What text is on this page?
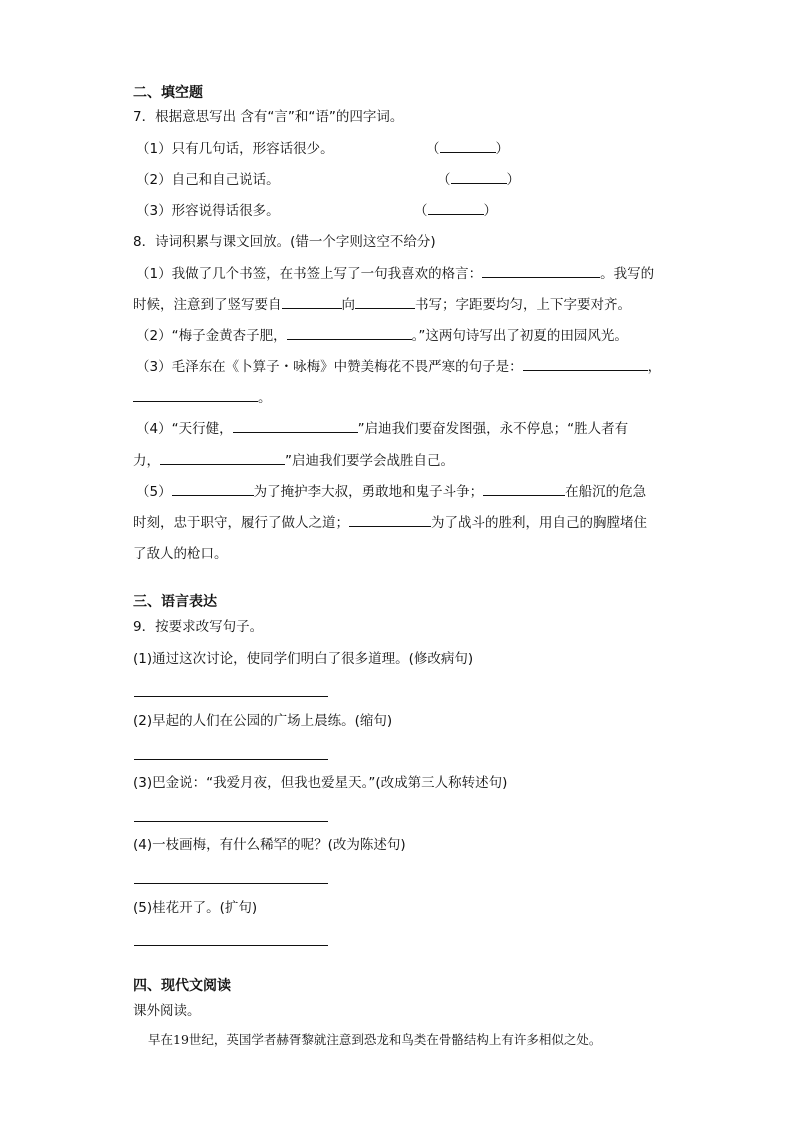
二、填空题
7．根据意思写出 含有“言”和“语”的四字词。
（1）只有几句话，形容话很少。	（	）
（2）自己和自己说话。	（	）
（3）形容说得话很多。	（	）
8．诗词积累与课文回放。(错一个字则这空不给分)
（1）我做了几个书签，在书签上写了一句我喜欢的格言：	。我写的
时候，注意到了竖写要自	向	书写；字距要均匀，上下字要对齐。
（2）“梅子金黄杏子肥，	。”这两句诗写出了初夏的田园风光。
（3）毛泽东在《卜算子・咏梅》中赞美梅花不畏严寒的句子是：	，
。
（4）“天行健，	”启迪我们要奋发图强，永不停息；“胜人者有
力，	”启迪我们要学会战胜自己。
（5）	为了掩护李大叔，勇敢地和鬼子斗争；	在船沉的危急
时刻，忠于职守，履行了做人之道；	为了战斗的胜利，用自己的胸膛堵住
了敌人的枪口。
三、语言表达
9．按要求改写句子。
(1)通过这次讨论，使同学们明白了很多道理。(修改病句)
(2)早起的人们在公园的广场上晨练。(缩句)
(3)巴金说：“我爱月夜，但我也爱星天。”(改成第三人称转述句)
(4)一枝画梅，有什么稀罕的呢？(改为陈述句)
(5)桂花开了。(扩句)
四、现代文阅读
课外阅读。
早在19世纪，英国学者赫胥黎就注意到恐龙和鸟类在骨骼结构上有许多相似之处。
